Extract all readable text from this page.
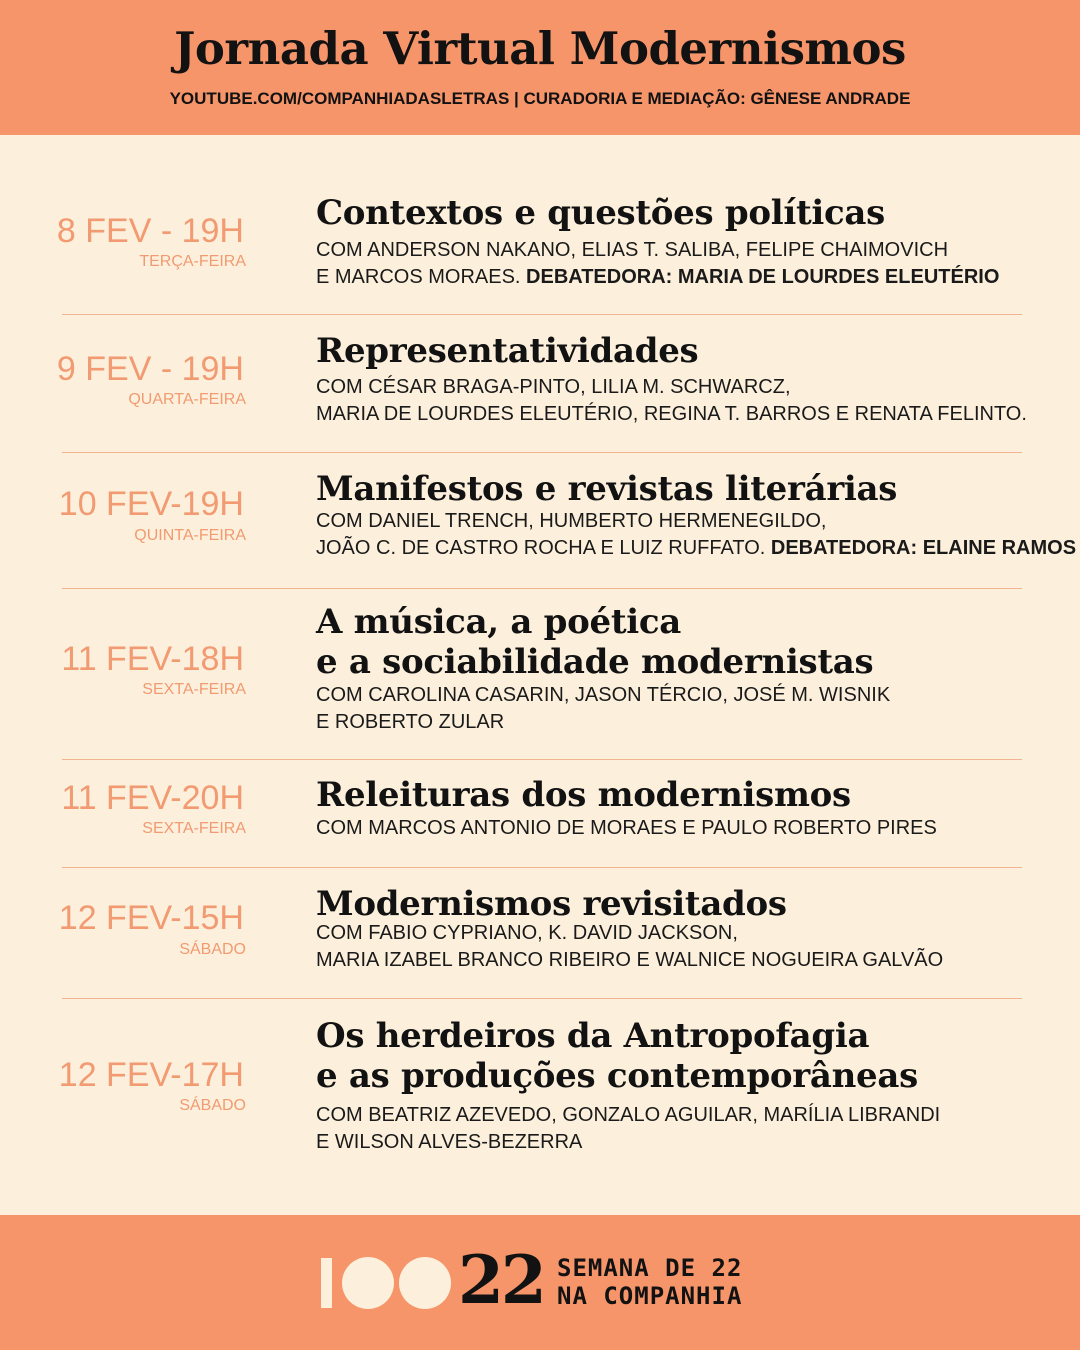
Jornada Virtual Modernismos
YOUTUBE.COM/COMPANHIADASLETRAS | CURADORIA E MEDIAÇÃO: GÊNESE ANDRADE
8 FEV - 19H
TERÇA-FEIRA
Contextos e questões políticas
COM ANDERSON NAKANO, ELIAS T. SALIBA, FELIPE CHAIMOVICH
E MARCOS MORAES. DEBATEDORA: MARIA DE LOURDES ELEUTÉRIO
9 FEV - 19H
QUARTA-FEIRA
Representatividades
COM CÉSAR BRAGA-PINTO, LILIA M. SCHWARCZ,
MARIA DE LOURDES ELEUTÉRIO, REGINA T. BARROS E RENATA FELINTO.
10 FEV-19H
QUINTA-FEIRA
Manifestos e revistas literárias
COM DANIEL TRENCH, HUMBERTO HERMENEGILDO,
JOÃO C. DE CASTRO ROCHA E LUIZ RUFFATO. DEBATEDORA: ELAINE RAMOS
11 FEV-18H
SEXTA-FEIRA
A música, a poética
e a sociabilidade modernistas
COM CAROLINA CASARIN, JASON TÉRCIO, JOSÉ M. WISNIK
E ROBERTO ZULAR
11 FEV-20H
SEXTA-FEIRA
Releituras dos modernismos
COM MARCOS ANTONIO DE MORAES E PAULO ROBERTO PIRES
12 FEV-15H
SÁBADO
Modernismos revisitados
COM FABIO CYPRIANO, K. DAVID JACKSON,
MARIA IZABEL BRANCO RIBEIRO E WALNICE NOGUEIRA GALVÃO
12 FEV-17H
SÁBADO
Os herdeiros da Antropofagia
e as produções contemporâneas
COM BEATRIZ AZEVEDO, GONZALO AGUILAR, MARÍLIA LIBRANDI
E WILSON ALVES-BEZERRA
22 SEMANA DE 22
NA COMPANHIA
